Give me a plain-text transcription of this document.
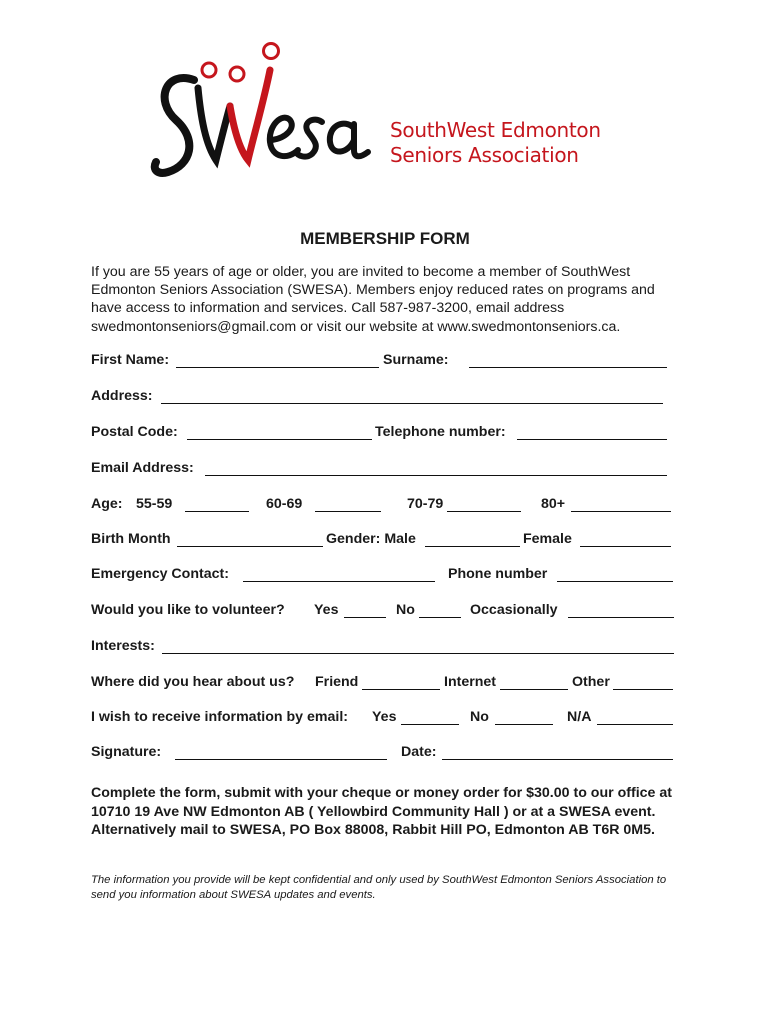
SouthWest Edmonton
Seniors Association
MEMBERSHIP FORM
If you are 55 years of age or older, you are invited to become a member of SouthWest Edmonton Seniors Association (SWESA). Members enjoy reduced rates on programs and have access to information and services. Call 587-987-3200, email address swedmontonseniors@gmail.com or visit our website at www.swedmontonseniors.ca.
First Name:	Surname:
Address:
Postal Code:	Telephone number:
Email Address:
Age: 55-59	60-69	70-79	80+
Birth Month	Gender: Male	Female
Emergency Contact:	Phone number
Would you like to volunteer? Yes	No	Occasionally
Interests:
Where did you hear about us? Friend	Internet	Other
I wish to receive information by email: Yes	No	N/A
Signature:	Date:
Complete the form, submit with your cheque or money order for $30.00 to our office at 10710 19 Ave NW Edmonton AB ( Yellowbird Community Hall ) or at a SWESA event. Alternatively mail to SWESA, PO Box 88008, Rabbit Hill PO, Edmonton AB T6R 0M5.
The information you provide will be kept confidential and only used by SouthWest Edmonton Seniors Association to send you information about SWESA updates and events.
